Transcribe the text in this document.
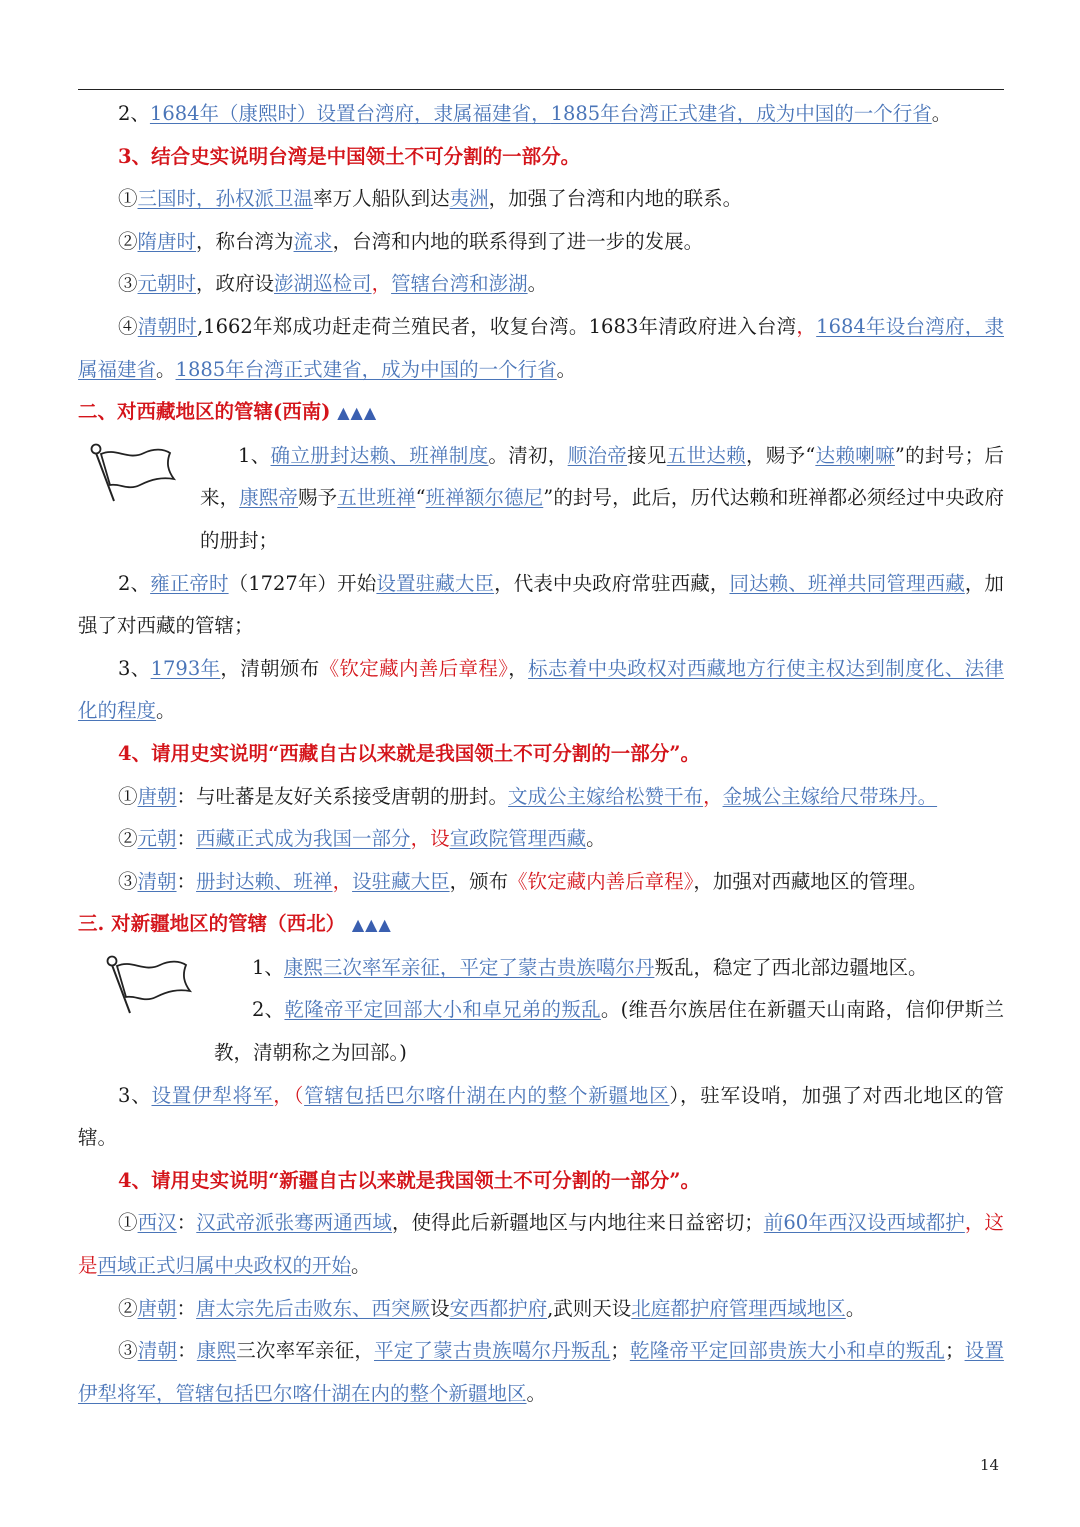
2、1684年（康熙时）设置台湾府，隶属福建省，1885年台湾正式建省，成为中国的一个行省。

3、结合史实说明台湾是中国领土不可分割的一部分。

①三国时，孙权派卫温率万人船队到达夷洲，加强了台湾和内地的联系。

②隋唐时，称台湾为流求，台湾和内地的联系得到了进一步的发展。

③元朝时，政府设澎湖巡检司，管辖台湾和澎湖。

④清朝时,1662年郑成功赶走荷兰殖民者，收复台湾。1683年清政府进入台湾，1684年设台湾府，隶属福建省。1885年台湾正式建省，成为中国的一个行省。

二、对西藏地区的管辖(西南) ▲▲▲

1、确立册封达赖、班禅制度。清初，顺治帝接见五世达赖，赐予“达赖喇嘛”的封号；后来，康熙帝赐予五世班禅“班禅额尔德尼”的封号，此后，历代达赖和班禅都必须经过中央政府的册封；

2、雍正帝时（1727年）开始设置驻藏大臣，代表中央政府常驻西藏，同达赖、班禅共同管理西藏，加强了对西藏的管辖；

3、1793年，清朝颁布《钦定藏内善后章程》，标志着中央政权对西藏地方行使主权达到制度化、法律化的程度。

4、请用史实说明“西藏自古以来就是我国领土不可分割的一部分”。

①唐朝：与吐蕃是友好关系接受唐朝的册封。文成公主嫁给松赞干布，金城公主嫁给尺带珠丹。

②元朝：西藏正式成为我国一部分，设宣政院管理西藏。

③清朝：册封达赖、班禅，设驻藏大臣，颁布《钦定藏内善后章程》，加强对西藏地区的管理。

三. 对新疆地区的管辖（西北） ▲▲▲

1、康熙三次率军亲征，平定了蒙古贵族噶尔丹叛乱，稳定了西北部边疆地区。

2、乾隆帝平定回部大小和卓兄弟的叛乱。(维吾尔族居住在新疆天山南路，信仰伊斯兰教，清朝称之为回部。)

3、设置伊犁将军，（管辖包括巴尔喀什湖在内的整个新疆地区），驻军设哨，加强了对西北地区的管辖。

4、请用史实说明“新疆自古以来就是我国领土不可分割的一部分”。

①西汉：汉武帝派张骞两通西域，使得此后新疆地区与内地往来日益密切；前60年西汉设西域都护，这是西域正式归属中央政权的开始。

②唐朝：唐太宗先后击败东、西突厥设安西都护府,武则天设北庭都护府管理西域地区。

③清朝：康熙三次率军亲征，平定了蒙古贵族噶尔丹叛乱；乾隆帝平定回部贵族大小和卓的叛乱；设置伊犁将军，管辖包括巴尔喀什湖在内的整个新疆地区。

14
